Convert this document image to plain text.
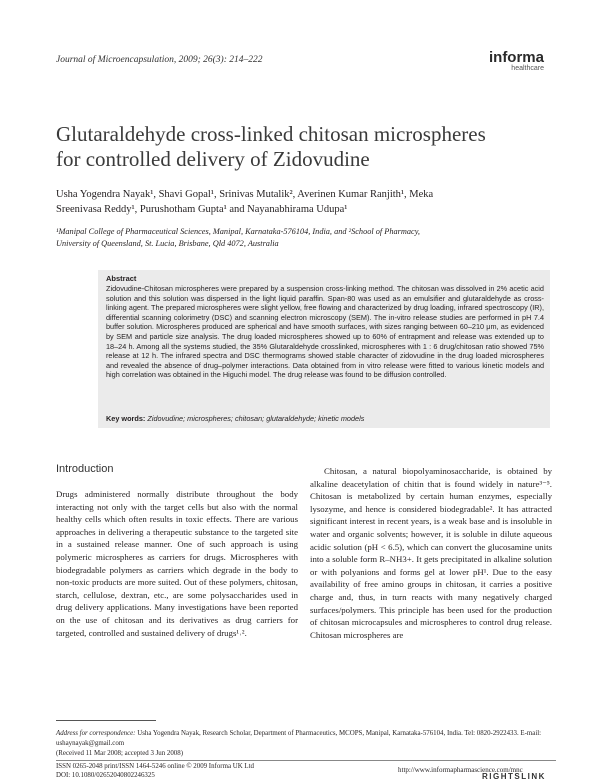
Journal of Microencapsulation, 2009; 26(3): 214–222	informa
healthcare
Glutaraldehyde cross-linked chitosan microspheres
for controlled delivery of Zidovudine
Usha Yogendra Nayak¹, Shavi Gopal¹, Srinivas Mutalik², Averinen Kumar Ranjith¹, Meka
Sreenivasa Reddy¹, Purushotham Gupta¹ and Nayanabhirama Udupa¹
¹Manipal College of Pharmaceutical Sciences, Manipal, Karnataka-576104, India, and ²School of Pharmacy,
University of Queensland, St. Lucia, Brisbane, Qld 4072, Australia
Abstract
Zidovudine-Chitosan microspheres were prepared by a suspension cross-linking method. The chitosan was dissolved in 2% acetic acid solution and this solution was dispersed in the light liquid paraffin. Span-80 was used as an emulsifier and glutaraldehyde as cross-linking agent. The prepared microspheres were slight yellow, free flowing and characterized by drug loading, infrared spectroscopy (IR), differential scanning colorimetry (DSC) and scanning electron microscopy (SEM). The in-vitro release studies are performed in pH 7.4 buffer solution. Microspheres produced are spherical and have smooth surfaces, with sizes ranging between 60–210 μm, as evidenced by SEM and particle size analysis. The drug loaded microspheres showed up to 60% of entrapment and release was extended up to 18–24 h. Among all the systems studied, the 35% Glutaraldehyde crosslinked, microspheres with 1 : 6 drug/chitosan ratio showed 75% release at 12 h. The infrared spectra and DSC thermograms showed stable character of zidovudine in the drug loaded microspheres and revealed the absence of drug–polymer interactions. Data obtained from in vitro release were fitted to various kinetic models and high correlation was obtained in the Higuchi model. The drug release was found to be diffusion controlled.
Key words: Zidovudine; microspheres; chitosan; glutaraldehyde; kinetic models
Introduction

Drugs administered normally distribute throughout the body interacting not only with the target cells but also with the normal healthy cells which often results in toxic effects. There are various approaches in delivering a therapeutic substance to the targeted site in a sustained release manner. One of such approach is using polymeric microspheres as carriers for drugs. Microspheres with biodegradable polymers as carriers which degrade in the body to non-toxic products are more suited. Out of these polymers, chitosan, starch, cellulose, dextran, etc., are some polysaccharides used in drug delivery applications. Many investigations have been reported on the use of chitosan and its derivatives as drug carriers for targeted, controlled and sustained delivery of drugs¹˒².

Chitosan, a natural biopolyaminosaccharide, is obtained by alkaline deacetylation of chitin that is found widely in nature³⁻⁵. Chitosan is metabolized by certain human enzymes, especially lysozyme, and hence is considered biodegradable². It has attracted significant interest in recent years, is a weak base and is insoluble in water and organic solvents; however, it is soluble in dilute aqueous acidic solution (pH < 6.5), which can convert the glucosamine units into a soluble form R–NH3+. It gets precipitated in alkaline solution or with polyanions and forms gel at lower pH¹. Due to the easy availability of free amino groups in chitosan, it carries a positive charge and, thus, in turn reacts with many negatively charged surfaces/polymers. This principle has been used for the production of chitosan microcapsules and microspheres to control drug release. Chitosan microspheres are

Address for correspondence: Usha Yogendra Nayak, Research Scholar, Department of Pharmaceutics, MCOPS, Manipal, Karnataka-576104, India. Tel: 0820-2922433. E-mail: ushaynayak@gmail.com
(Received 11 Mar 2008; accepted 3 Jun 2008)
ISSN 0265-2048 print/ISSN 1464-5246 online © 2009 Informa UK Ltd
DOI: 10.1080/02652040802246325
http://www.informapharmascience.com/mnc
RIGHTSLINK
